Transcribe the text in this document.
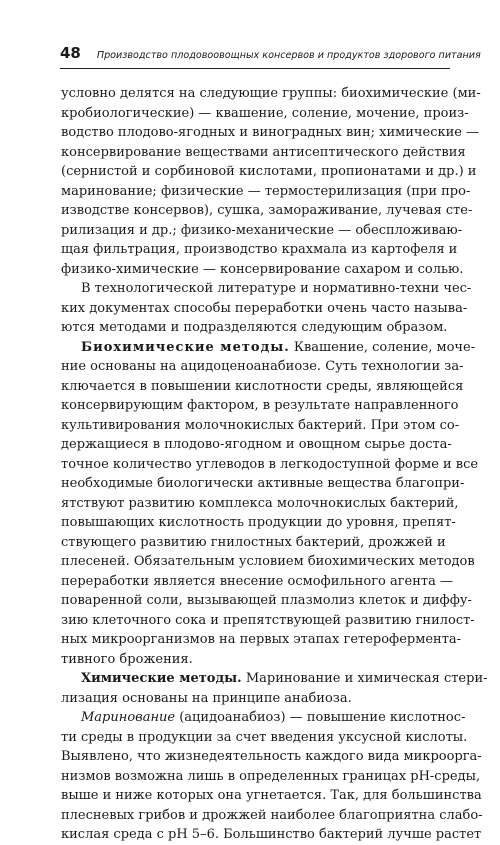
48 Производство плодовоовощных консервов и продуктов здорового питания
условно делятся на следующие группы: биохимические (ми-
кробиологические) — квашение, соление, мочение, произ-
водство плодово-ягодных и виноградных вин; химические —
консервирование веществами антисептического действия
(сернистой и сорбиновой кислотами, пропионатами и др.) и
маринование; физические — термостерилизация (при про-
изводстве консервов), сушка, замораживание, лучевая сте-
рилизация и др.; физико-механические — обеспложиваю-
щая фильтрация, производство крахмала из картофеля и
физико-химические — консервирование сахаром и солью.
В технологической литературе и нормативно-техни чес-
ких документах способы переработки очень часто называ-
ются методами и подразделяются следующим образом.
Биохимические методы. Квашение, соление, моче-
ние основаны на ацидоценоанабиозе. Суть технологии за-
ключается в повышении кислотности среды, являющейся
консервирующим фактором, в результате направленного
культивирования молочнокислых бактерий. При этом со-
держащиеся в плодово-ягодном и овощном сырье доста-
точное количество углеводов в легкодоступной форме и все
необходимые биологически активные вещества благопри-
ятствуют развитию комплекса молочнокислых бактерий,
повышающих кислотность продукции до уровня, препят-
ствующего развитию гнилостных бактерий, дрожжей и
плесеней. Обязательным условием биохимических методов
переработки является внесение осмофильного агента —
поваренной соли, вызывающей плазмолиз клеток и диффу-
зию клеточного сока и препятствующей развитию гнилост-
ных микроорганизмов на первых этапах гетероферментa-
тивного брожения.
Химические методы. Маринование и химическая стери-
лизация основаны на принципе анабиоза.
Маринование (ацидоанабиоз) — повышение кислотнос-
ти среды в продукции за счет введения уксусной кислоты.
Выявлено, что жизнедеятельность каждого вида микроорга-
низмов возможна лишь в определенных границах pH-среды,
выше и ниже которых она угнетается. Так, для большинства
плесневых грибов и дрожжей наиболее благоприятна слабо-
кислая среда с pH 5–6. Большинство бактерий лучше растет
